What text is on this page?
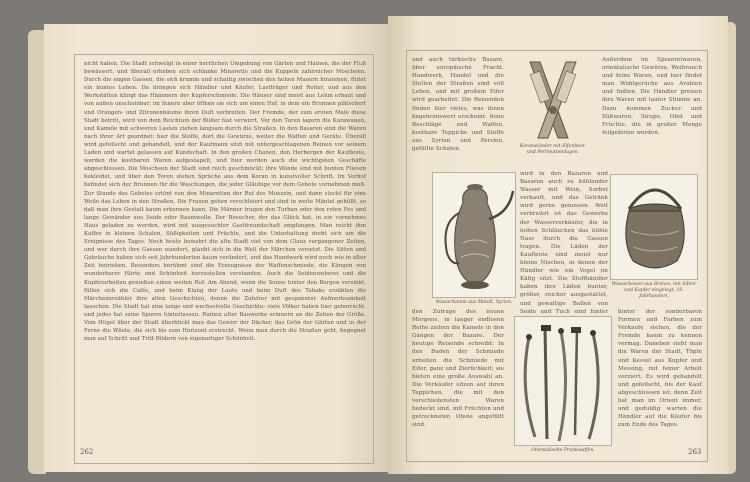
nicht haben. Die Stadt schwelgt in einer herrlichen Umgebung von Gärten und Hainen, die der Fluß bewässert, und überall erheben sich schlanke Minarette und die Kuppeln zahlreicher Moscheen. Durch die engen Gassen, die sich krumm und schattig zwischen den hohen Mauern hinziehen, flutet ein buntes Leben. Da drängen sich Händler und Käufer, Lastträger und Reiter, und aus den Werkstätten klingt das Hämmern der Kupferschmiede. Die Häuser sind meist aus Lehm erbaut und von außen unscheinbar; im Innern aber öffnen sie sich um einen Hof, in dem ein Brunnen plätschert und Orangen- und Zitronenbäume ihren Duft verbreiten. Der Fremde, der zum ersten Male diese Stadt betritt, wird von dem Reichtum der Bilder fast verwirrt. Vor den Toren lagern die Karawanen, und Kamele mit schweren Lasten ziehen langsam durch die Straßen. In den Basaren sind die Waren nach ihrer Art geordnet: hier die Stoffe, dort die Gewürze, weiter die Waffen und Geräte. Überall wird gefeilscht und gehandelt, und der Kaufmann sitzt mit untergeschlagenen Beinen vor seinem Laden und wartet gelassen auf Kundschaft. In den großen Chanen, den Herbergen der Kaufleute, werden die kostbaren Waren aufgestapelt, und hier werden auch die wichtigsten Geschäfte abgeschlossen. Die Moscheen der Stadt sind reich geschmückt; ihre Wände sind mit bunten Fliesen bekleidet, und über den Toren stehen Sprüche aus dem Koran in kunstvoller Schrift. Im Vorhof befindet sich der Brunnen für die Waschungen, die jeder Gläubige vor dem Gebete vornehmen muß. Zur Stunde des Gebetes ertönt von den Minaretten der Ruf des Muezzin, und dann stockt für eine Weile das Leben in den Straßen. Die Frauen gehen verschleiert und sind in weite Mäntel gehüllt, so daß man ihre Gestalt kaum erkennen kann. Die Männer tragen den Turban oder den roten Fes und lange Gewänder aus Seide oder Baumwolle. Der Besucher, der das Glück hat, in ein vornehmes Haus geladen zu werden, wird mit ausgesuchter Gastfreundschaft empfangen. Man reicht ihm Kaffee in kleinen Schalen, Süßigkeiten und Früchte, und die Unterhaltung dreht sich um die Ereignisse des Tages. Noch heute bewahrt die alte Stadt viel von dem Glanz vergangener Zeiten, und wer durch ihre Gassen wandert, glaubt sich in die Welt der Märchen versetzt. Die Sitten und Gebräuche haben sich seit Jahrhunderten kaum verändert, und das Handwerk wird noch wie in alter Zeit betrieben. Besonders berühmt sind die Erzeugnisse der Waffenschmiede, die Klingen von wunderbarer Härte und Schönheit herzustellen verstanden. Auch die Seidenweberei und die Kupferarbeiten genießen einen weiten Ruf. Am Abend, wenn die Sonne hinter den Bergen versinkt, füllen sich die Cafés, und beim Klang der Laute und beim Duft des Tabaks erzählen die Märchenerzähler ihre alten Geschichten, denen die Zuhörer mit gespannter Aufmerksamkeit lauschen. Die Stadt hat eine lange und wechselvolle Geschichte; viele Völker haben hier geherrscht, und jedes hat seine Spuren hinterlassen. Ruinen alter Bauwerke erinnern an die Zeiten der Größe. Vom Hügel über der Stadt überblickt man das Gewirr der Dächer, das Grün der Gärten und in der Ferne die Wüste, die sich bis zum Horizont erstreckt. Wenn man durch die Straßen geht, begegnet man auf Schritt und Tritt Bildern von eigenartiger Schönheit.
262
und auch türkische Bazare, über europäische Fracht. Handwerk, Handel und die Stellen der Straßen sind voll Leben, und mit großem Eifer wird gearbeitet. Die Reisenden finden hier vieles, was ihnen begehrenswert erscheint: feine Beschläge und Waffen, kostbare Teppiche und Stoffe aus Syrien und Persien, gefüllte Schalen.	Koranständer mit Elfenbein- und Perlmutteinlagen.
Außerdem im Spezereiwaren, orientalische Gewürze, Weihrauch und feine Waren, und hier findet man Wohlgerüche aus Arabien und Indien. Die Händler preisen ihre Waren mit lauter Stimme an. Dazu kommen Zucker und Süßwaren, Sirupe, Obst und Früchte, die in großer Menge feilgeboten werden.
Wasserkanne aus Metall, Syrien.
wird in den Bazaren und Basaren auch zu kühlender Wasser mit Wein, Sorbet verkauft, und das Getränk wird gerne genossen. Weit verbreitet ist das Gewerbe der Wasserverkäufer, die in hohen Schläuchen das kühle Nass durch die Gassen tragen. Die Läden der Kaufleute sind meist nur kleine Nischen, in denen der Händler wie ein Vogel im Käfig sitzt. Die Stoffhändler haben ihre Läden bunter, größer, reicher ausgestattet, und gewaltige Ballen von Seide und Tuch sind hinter
Wasserkessel aus Bronze, mit Silber und Kupfer eingelegt, 16. Jahrhundert.
den Zutrage des neuen Morgens, in langer endlosen Reihe ziehen die Kamele in den Gängen der Bazare. Der heutige Reisende schreibt: In den Buden der Schmiede arbeiten die Schmiede mit Eifer, ganz und Zierlichkeit; sie bieten eine große Auswahl an. Die Verkäufer sitzen auf ihren Teppichen, die mit den verschiedensten Waren bedeckt sind, mit Früchten und getrockneten Obste angefüllt sind.
Orientalische Prunkwaffen.
hinter der sonderbaren Formen und Farben zum Verkaufe stehen, die der Fremde kaum zu kennen vermag. Daneben sieht man die Waren der Stadt, Töpfe und Kessel aus Kupfer und Messing, mit feiner Arbeit verziert. Es wird gehandelt und gefeilscht, bis der Kauf abgeschlossen ist; denn Zeit hat man im Orient immer, und geduldig warten die Händler auf die Käufer bis zum Ende des Tages.
263
